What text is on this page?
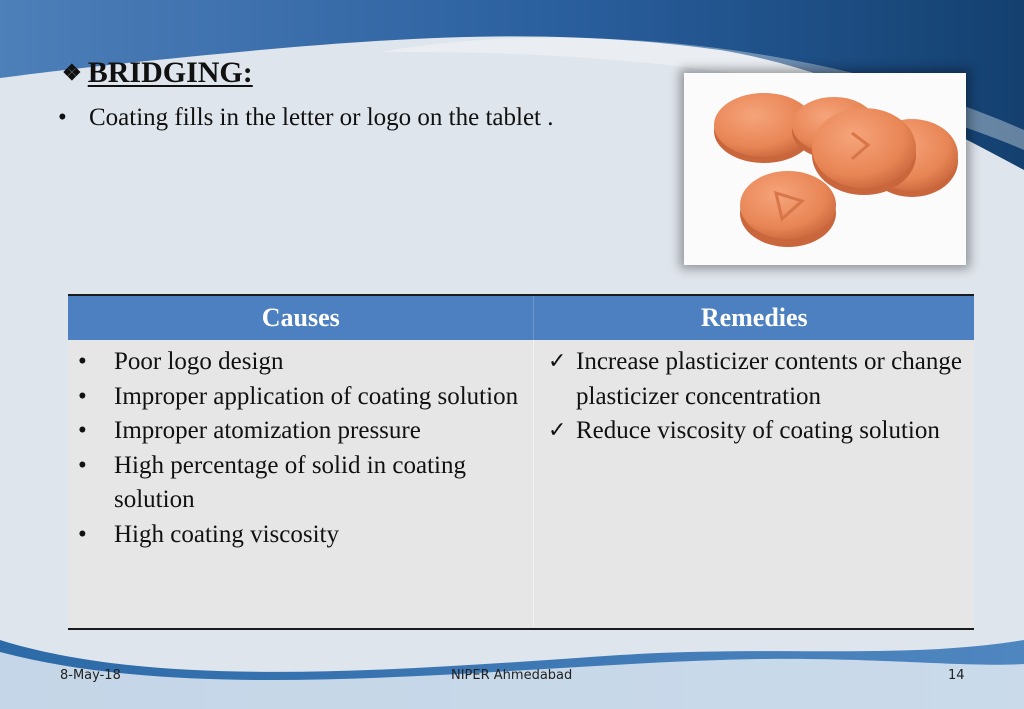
❖ BRIDGING:
• Coating fills in the letter or logo on the tablet .
Causes	Remedies
•	Poor logo design
•	Improper application of coating solution
•	Improper atomization pressure
•	High percentage of solid in coating solution
•	High coating viscosity
✓ Increase plasticizer contents or change plasticizer concentration
✓ Reduce viscosity of coating solution
8-May-18	NIPER Ahmedabad	14
